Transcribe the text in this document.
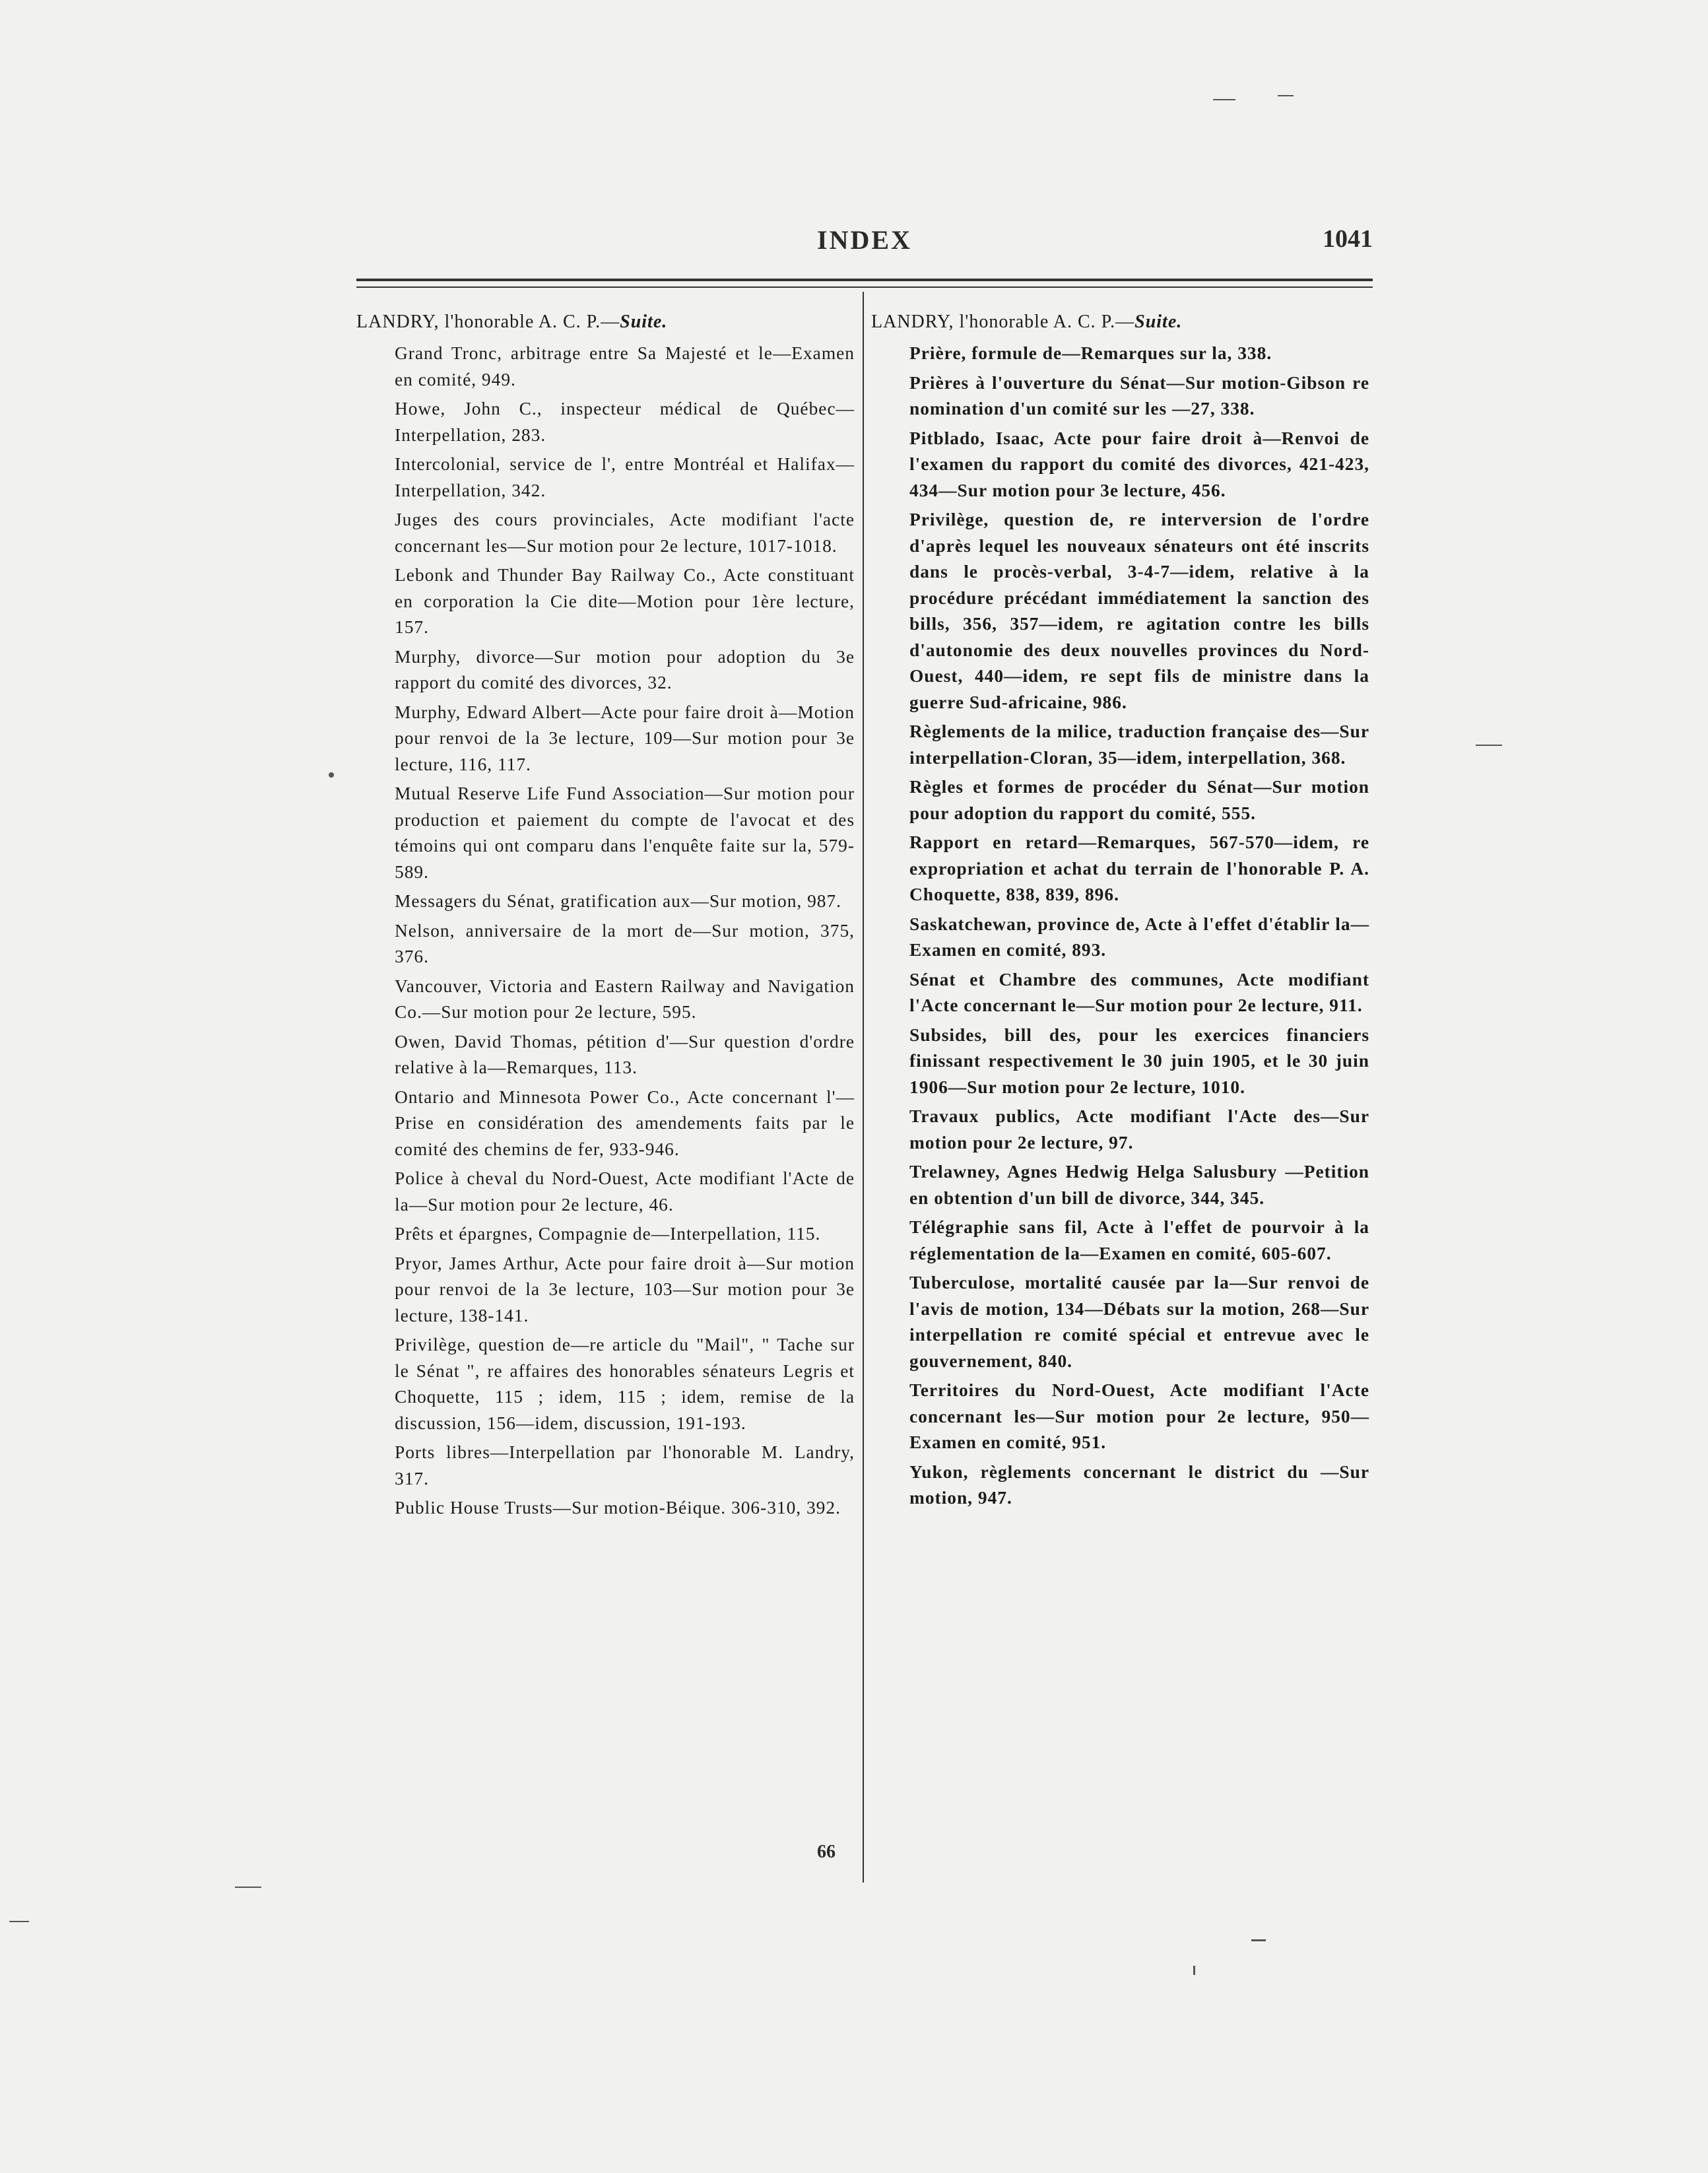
INDEX	1041
LANDRY, l'honorable A. C. P.—Suite.
Grand Tronc, arbitrage entre Sa Majesté et le—Examen en comité, 949.
Howe, John C., inspecteur médical de Québec—Interpellation, 283.
Intercolonial, service de l', entre Montréal et Halifax—Interpellation, 342.
Juges des cours provinciales, Acte modifiant l'acte concernant les—Sur motion pour 2e lecture, 1017-1018.
Lebonk and Thunder Bay Railway Co., Acte constituant en corporation la Cie dite—Motion pour 1ère lecture, 157.
Murphy, divorce—Sur motion pour adoption du 3e rapport du comité des divorces, 32.
Murphy, Edward Albert—Acte pour faire droit à—Motion pour renvoi de la 3e lecture, 109—Sur motion pour 3e lecture, 116, 117.
Mutual Reserve Life Fund Association—Sur motion pour production et paiement du compte de l'avocat et des témoins qui ont comparu dans l'enquête faite sur la, 579-589.
Messagers du Sénat, gratification aux—Sur motion, 987.
Nelson, anniversaire de la mort de—Sur motion, 375, 376.
Vancouver, Victoria and Eastern Railway and Navigation Co.—Sur motion pour 2e lecture, 595.
Owen, David Thomas, pétition d'—Sur question d'ordre relative à la—Remarques, 113.
Ontario and Minnesota Power Co., Acte concernant l'—Prise en considération des amendements faits par le comité des chemins de fer, 933-946.
Police à cheval du Nord-Ouest, Acte modifiant l'Acte de la—Sur motion pour 2e lecture, 46.
Prêts et épargnes, Compagnie de—Interpellation, 115.
Pryor, James Arthur, Acte pour faire droit à—Sur motion pour renvoi de la 3e lecture, 103—Sur motion pour 3e lecture, 138-141.
Privilège, question de—re article du "Mail", " Tache sur le Sénat ", re affaires des honorables sénateurs Legris et Choquette, 115 ; idem, 115 ; idem, remise de la discussion, 156—idem, discussion, 191-193.
Ports libres—Interpellation par l'honorable M. Landry, 317.
Public House Trusts—Sur motion-Béique. 306-310, 392.
LANDRY, l'honorable A. C. P.—Suite.
Prière, formule de—Remarques sur la, 338.
Prières à l'ouverture du Sénat—Sur motion-Gibson re nomination d'un comité sur les —27, 338.
Pitblado, Isaac, Acte pour faire droit à—Renvoi de l'examen du rapport du comité des divorces, 421-423, 434—Sur motion pour 3e lecture, 456.
Privilège, question de, re interversion de l'ordre d'après lequel les nouveaux sénateurs ont été inscrits dans le procès-verbal, 3-4-7—idem, relative à la procédure précédant immédiatement la sanction des bills, 356, 357—idem, re agitation contre les bills d'autonomie des deux nouvelles provinces du Nord-Ouest, 440—idem, re sept fils de ministre dans la guerre Sud-africaine, 986.
Règlements de la milice, traduction française des—Sur interpellation-Cloran, 35—idem, interpellation, 368.
Règles et formes de procéder du Sénat—Sur motion pour adoption du rapport du comité, 555.
Rapport en retard—Remarques, 567-570—idem, re expropriation et achat du terrain de l'honorable P. A. Choquette, 838, 839, 896.
Saskatchewan, province de, Acte à l'effet d'établir la—Examen en comité, 893.
Sénat et Chambre des communes, Acte modifiant l'Acte concernant le—Sur motion pour 2e lecture, 911.
Subsides, bill des, pour les exercices financiers finissant respectivement le 30 juin 1905, et le 30 juin 1906—Sur motion pour 2e lecture, 1010.
Travaux publics, Acte modifiant l'Acte des—Sur motion pour 2e lecture, 97.
Trelawney, Agnes Hedwig Helga Salusbury —Petition en obtention d'un bill de divorce, 344, 345.
Télégraphie sans fil, Acte à l'effet de pourvoir à la réglementation de la—Examen en comité, 605-607.
Tuberculose, mortalité causée par la—Sur renvoi de l'avis de motion, 134—Débats sur la motion, 268—Sur interpellation re comité spécial et entrevue avec le gouvernement, 840.
Territoires du Nord-Ouest, Acte modifiant l'Acte concernant les—Sur motion pour 2e lecture, 950—Examen en comité, 951.
Yukon, règlements concernant le district du —Sur motion, 947.
66
